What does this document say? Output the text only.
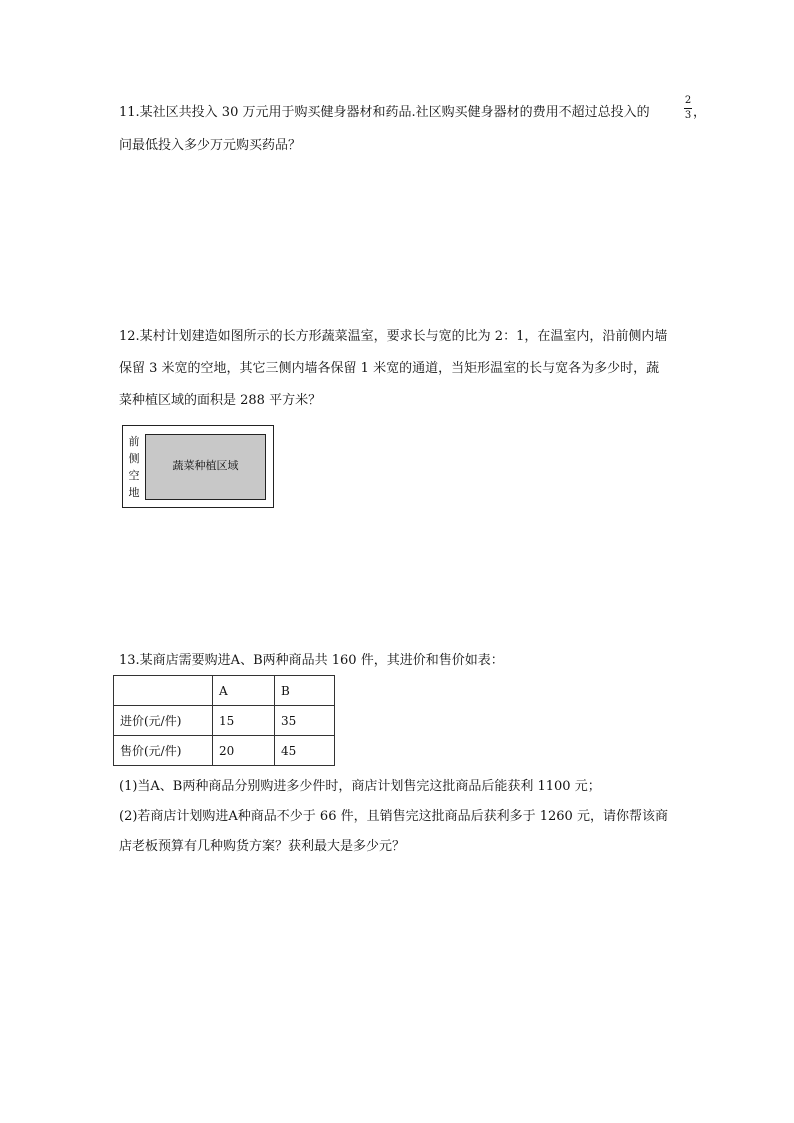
11.某社区共投入 30 万元用于购买健身器材和药品.社区购买健身器材的费用不超过总投入的
2
3 ，
问最低投入多少万元购买药品？
12.某村计划建造如图所示的长方形蔬菜温室，要求长与宽的比为 2：1，在温室内，沿前侧内墙
保留 3 米宽的空地，其它三侧内墙各保留 1 米宽的通道，当矩形温室的长与宽各为多少时，蔬
菜种植区域的面积是 288 平方米？
蔬菜种植区域
前
侧
空
地
13.某商店需要购进A、B两种商品共 160 件，其进价和售价如表：
	A	B
进价(元/件)	15	35
售价(元/件)	20	45
(1)当A、B两种商品分别购进多少件时，商店计划售完这批商品后能获利 1100 元；
(2)若商店计划购进A种商品不少于 66 件，且销售完这批商品后获利多于 1260 元，请你帮该商
店老板预算有几种购货方案？获利最大是多少元？
